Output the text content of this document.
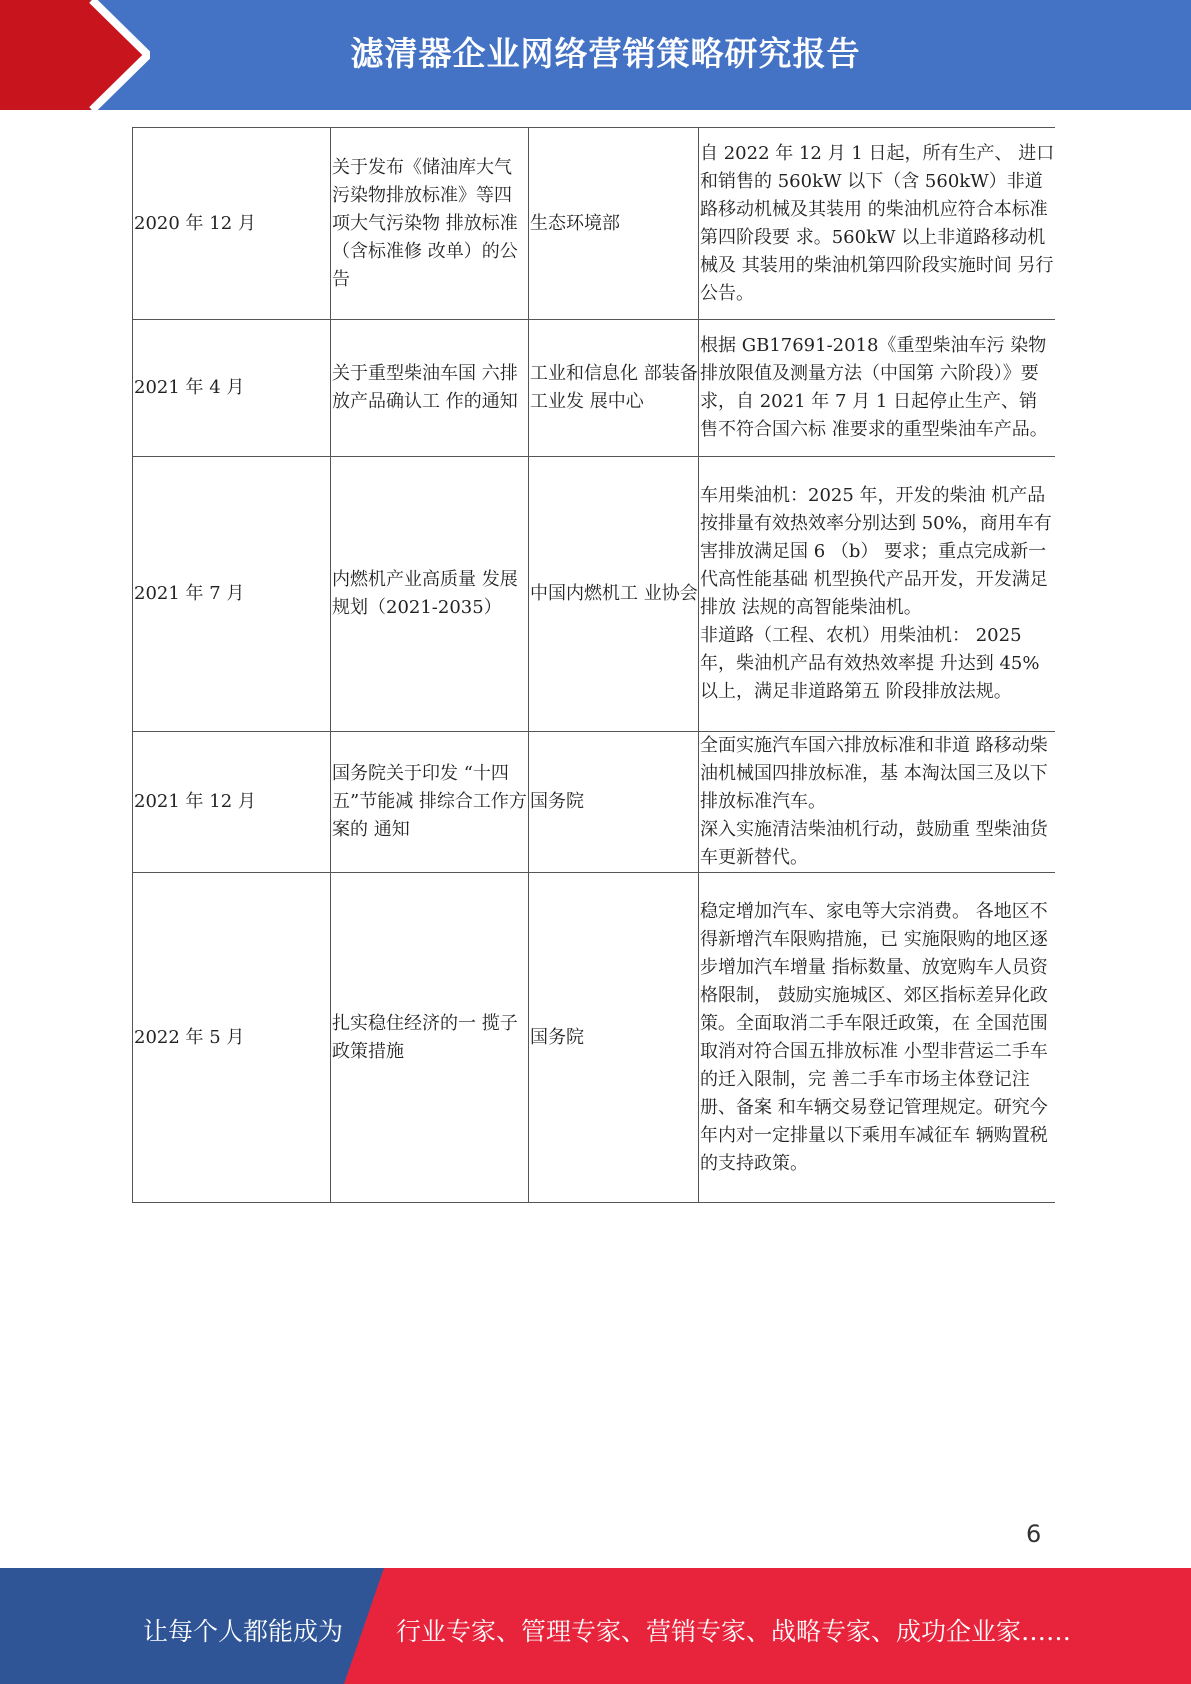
滤清器企业网络营销策略研究报告
2020 年 12 月	关于发布《储油库大气污染物排放标准》等四项大气污染物 排放标准（含标准修 改单）的公告	生态环境部	自 2022 年 12 月 1 日起，所有生产、 进口和销售的 560kW 以下（含 560kW）非道路移动机械及其装用 的柴油机应符合本标准第四阶段要 求。560kW 以上非道路移动机械及 其装用的柴油机第四阶段实施时间 另行公告。

2021 年 4 月	关于重型柴油车国 六排放产品确认工 作的通知	工业和信息化 部装备工业发 展中心	根据 GB17691-2018《重型柴油车污 染物排放限值及测量方法（中国第 六阶段）》要求，自 2021 年 7 月 1 日起停止生产、销售不符合国六标 准要求的重型柴油车产品。

2021 年 7 月	内燃机产业高质量 发展规划（2021-2035）	中国内燃机工 业协会	车用柴油机：2025 年，开发的柴油 机产品按排量有效热效率分别达到 50%，商用车有害排放满足国 6 （b） 要求；重点完成新一代高性能基础 机型换代产品开发，开发满足排放 法规的高智能柴油机。

非道路（工程、农机）用柴油机： 2025 年，柴油机产品有效热效率提 升达到 45%以上，满足非道路第五 阶段排放法规。

2021 年 12 月	国务院关于印发 “十四五”节能减 排综合工作方案的 通知	国务院	全面实施汽车国六排放标准和非道 路移动柴油机械国四排放标准，基 本淘汰国三及以下排放标准汽车。

深入实施清洁柴油机行动，鼓励重 型柴油货车更新替代。

2022 年 5 月	扎实稳住经济的一 揽子政策措施	国务院	稳定增加汽车、家电等大宗消费。 各地区不得新增汽车限购措施，已 实施限购的地区逐步增加汽车增量 指标数量、放宽购车人员资格限制， 鼓励实施城区、郊区指标差异化政 策。全面取消二手车限迁政策，在 全国范围取消对符合国五排放标准 小型非营运二手车的迁入限制，完 善二手车市场主体登记注册、备案 和车辆交易登记管理规定。研究今年内对一定排量以下乘用车减征车 辆购置税的支持政策。

6
让每个人都能成为 行业专家、管理专家、营销专家、战略专家、成功企业家……
